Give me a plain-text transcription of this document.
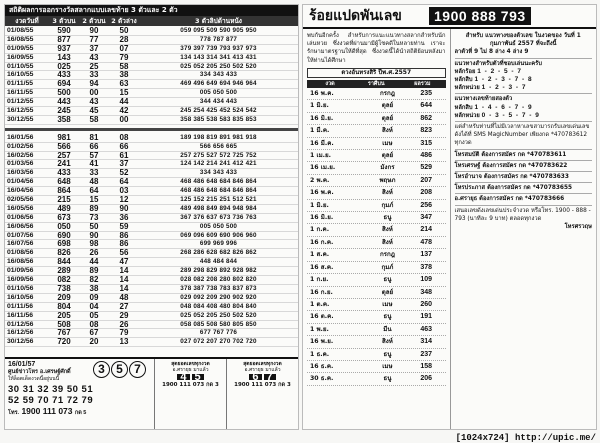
สถิติผลการออกรางวัลสลากแบบเลขท้าย 3 ตัวและ 2 ตัว
งวดวันที่	3 ตัวบน	2 ตัวบน 2 ตัวล่าง	3 ตัวลิปด้านหน้ง
01/08/55	590	90	50	059 095 509 590 905 950
16/08/55	877	77	28	778 787 877
01/09/55	937	37	07	379 397 739 793 937 973
16/09/55	143	43	79	134 143 314 341 413 431
01/10/55	025	25	58	025 052 205 250 502 520
16/10/55	433	33	38	334 343 433
01/11/55	694	94	63	469 496 649 694 946 964
16/11/55	500	00	15	005 050 500
01/12/55	443	43	44	344 434 443
16/12/55	245	45	42	245 254 425 452 524 542
30/12/55	358	58	00	358 385 538 583 835 853
16/01/56	981	81	08	189 198 819 891 981 918
01/02/56	566	66	66	566 656 665
16/02/56	257	57	61	257 275 527 572 725 752
01/03/56	241	41	37	124 142 214 241 412 421
16/03/56	433	33	52	334 343 433
01/04/56	648	48	64	468 486 648 684 846 864
16/04/56	864	64	03	468 486 648 684 846 864
02/05/56	215	15	12	125 152 215 251 512 521
16/05/56	489	89	90	489 498 849 894 948 984
01/06/56	673	73	36	367 376 637 673 736 763
16/06/56	050	50	59	005 050 500
01/07/56	690	90	86	069 096 609 690 906 960
16/07/56	698	98	86	699 969 996
01/08/56	826	26	56	268 286 628 682 826 862
16/08/56	844	44	47	448 484 844
01/09/56	289	89	14	289 298 829 892 928 982
16/09/56	082	82	14	028 082 208 280 802 820
01/10/56	738	38	14	378 387 738 783 837 873
16/10/56	209	09	48	029 092 209 290 902 920
01/11/56	804	04	27	048 084 408 480 804 840
16/11/56	205	05	29	025 052 205 250 502 520
01/12/56	508	08	26	058 085 508 580 805 850
16/12/56	767	67	79	677 767 776
30/12/56	720	20	13	027 072 207 270 702 720
16/01/57
ศูนย์ข่าวโหร อ.เศรษฐ์ศักดิ์
ให้ล็อตเด็ดงวดนี้อยู่บนนี้
3 5 7
30 31 32 39 50 51
52 59 70 71 72 79
โทร. 1900 111 073 กด 5
สุดยอดเลขทุกงวด
อ.ศรายุธ มาแล้ว
4 5
1900 111 073 กด 3
สุดยอดเลขทุกงวด
อ.ศรายุธ มาแล้ว
6 7
1900 111 073 กด 3
ร้อยแปดพันเลข	1900 888 793
พบกันอีกครั้ง สำหรับการแนะแนวทางสลากสำหรับนักเล่นหวย ซึ่งงวดที่ผ่านมามีผู้โชคดีในหลายท่าน เราจะรักษามาตรฐานให้ดีที่สุด ซึ่งงวดนี้ได้นำสถิติย้อนหลังมาให้ท่านได้ศึกษา
ดวงอันทรงสิริ ปีพ.ศ.2557
งวด	ราศีบน	ผลรวม
16 พ.ค.	กรกฎ	235
1 มิ.ย.	ตุลย์	644
16 มิ.ย.	ตุลย์	862
1 มี.ค.	สิงห์	823
16 มี.ค.	เมษ	315
1 เม.ย.	ตุลย์	486
16 เม.ย.	มังกร	529
2 พ.ค.	พฤษภ	207
16 พ.ค.	สิงห์	208
1 มิ.ย.	กุมภ์	256
16 มิ.ย.	ธนู	347
1 ก.ค.	สิงห์	214
16 ก.ค.	สิงห์	478
1 ส.ค.	กรกฎ	137
16 ส.ค.	กุมภ์	378
1 ก.ย.	ธนู	109
16 ก.ย.	ตุลย์	348
1 ต.ค.	เมษ	260
16 ต.ค.	ธนู	191
1 พ.ย.	มีน	463
16 พ.ย.	สิงห์	314
1 ธ.ค.	ธนู	237
16 ธ.ค.	เมษ	158
30 ธ.ค.	ธนู	206
สำหรับ แนวทางของตัวเลข ในงวดของ วันที่ 1 กุมภาพันธ์ 2557 ที่จะถึงนี้
ลาตัวที่ 9 ไม่ 8 ล่าง 4 ล่าง 9
แนวทางสำหรับตัวที่ชอบเล่นนะครับ
หลักร้อย 1 - 2 - 5 - 7
หลักสิบ 1 - 2 - 3 - 7 - 8
หลักหน่วย 1 - 2 - 3 - 7
แนวทางเลขท้ายสองตัว
หลักสิบ 1 - 4 - 6 - 7 - 9
หลักหน่วย 0 - 3 - 5 - 7 - 9
แต่สำหรับท่านที่ไม่มีเวลาหาเลขสามารถรับเลขเด่นเลขดังได้ที่ SMS MagicNumber เพียงกด *470783612 ทุกงวด
โหรสมบัติ ต้องการสมัคร กด *470783611
โหรเศรษฐ์ ต้องการสมัคร กด *470783622
โหรอำนาจ ต้องการสมัคร กด *470783633
โหรประภาส ต้องการสมัคร กด *470783655
อ.ศรายุธ ต้องการสมัคร กด *470783666
เสนอเลขดังเลขเด่นประจำงวด หรือโทร. 1900 - 888 - 793 (นาทีละ 9 บาท) ตลอดทุกงวด
โหรศรวฤษ
[1024x724] http://upic.me/
